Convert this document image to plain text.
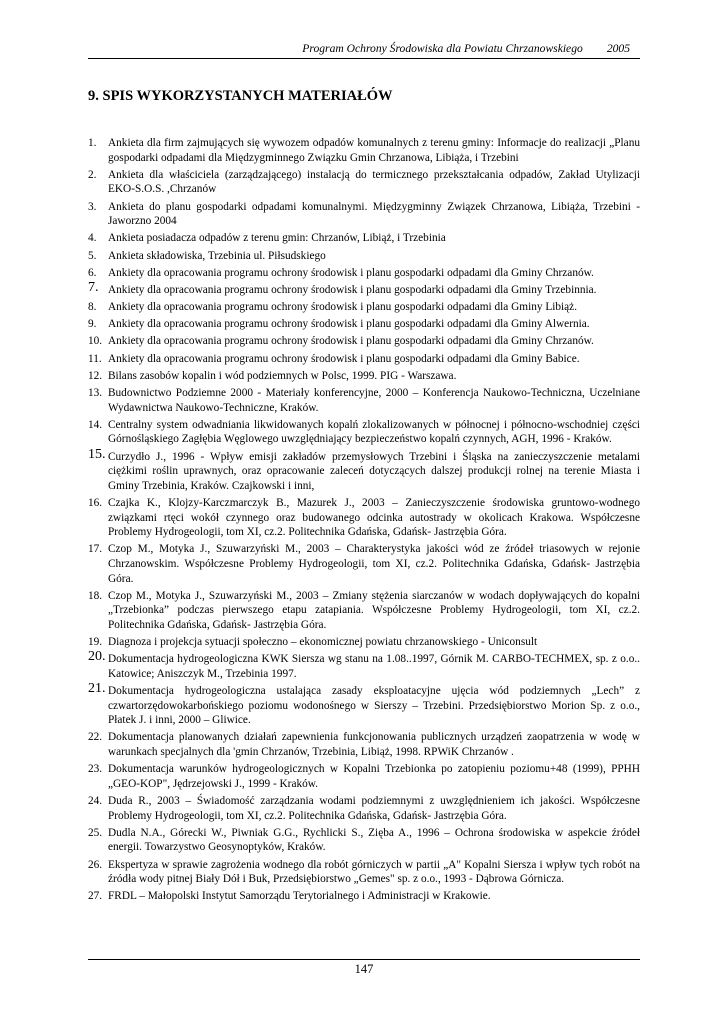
Program Ochrony Środowiska dla Powiatu Chrzanowskiego 2005
9. SPIS WYKORZYSTANYCH MATERIAŁÓW
1. Ankieta dla firm zajmujących się wywozem odpadów komunalnych z terenu gminy: Informacje do realizacji „Planu gospodarki odpadami dla Międzygminnego Związku Gmin Chrzanowa, Libiąża, i Trzebini
2. Ankieta dla właściciela (zarządzającego) instalacją do termicznego przekształcania odpadów, Zakład Utylizacji EKO-S.O.S. ,Chrzanów
3. Ankieta do planu gospodarki odpadami komunalnymi. Międzygminny Związek Chrzanowa, Libiąża, Trzebini - Jaworzno 2004
4. Ankieta posiadacza odpadów z terenu gmin: Chrzanów, Libiąż, i Trzebinia
5. Ankieta składowiska, Trzebinia ul. Piłsudskiego
6. Ankiety dla opracowania programu ochrony środowisk i planu gospodarki odpadami dla Gminy Chrzanów.
7. Ankiety dla opracowania programu ochrony środowisk i planu gospodarki odpadami dla Gminy Trzebinnia.
8. Ankiety dla opracowania programu ochrony środowisk i planu gospodarki odpadami dla Gminy Libiąż.
9. Ankiety dla opracowania programu ochrony środowisk i planu gospodarki odpadami dla Gminy Alwernia.
10. Ankiety dla opracowania programu ochrony środowisk i planu gospodarki odpadami dla Gminy Chrzanów.
11. Ankiety dla opracowania programu ochrony środowisk i planu gospodarki odpadami dla Gminy Babice.
12. Bilans zasobów kopalin i wód podziemnych w Polsc, 1999. PIG - Warszawa.
13. Budownictwo Podziemne 2000 - Materiały konferencyjne, 2000 – Konferencja Naukowo-Techniczna, Uczelniane Wydawnictwa Naukowo-Techniczne, Kraków.
14. Centralny system odwadniania likwidowanych kopalń zlokalizowanych w północnej i północno-wschodniej części Górnośląskiego Zagłębia Węglowego uwzględniający bezpieczeństwo kopalń czynnych, AGH, 1996 - Kraków.
15. Curzydło J., 1996 - Wpływ emisji zakładów przemysłowych Trzebini i Śląska na zanieczyszczenie metalami ciężkimi roślin uprawnych, oraz opracowanie zaleceń dotyczących dalszej produkcji rolnej na terenie Miasta i Gminy Trzebinia, Kraków. Czajkowski i inni,
16. Czajka K., Klojzy-Karczmarczyk B., Mazurek J., 2003 – Zanieczyszczenie środowiska gruntowo-wodnego związkami rtęci wokół czynnego oraz budowanego odcinka autostrady w okolicach Krakowa. Współczesne Problemy Hydrogeologii, tom XI, cz.2. Politechnika Gdańska, Gdańsk- Jastrzębia Góra.
17. Czop M., Motyka J., Szuwarzyński M., 2003 – Charakterystyka jakości wód ze źródeł triasowych w rejonie Chrzanowskim. Współczesne Problemy Hydrogeologii, tom XI, cz.2. Politechnika Gdańska, Gdańsk- Jastrzębia Góra.
18. Czop M., Motyka J., Szuwarzyński M., 2003 – Zmiany stężenia siarczanów w wodach dopływających do kopalni „Trzebionka” podczas pierwszego etapu zatapiania. Współczesne Problemy Hydrogeologii, tom XI, cz.2. Politechnika Gdańska, Gdańsk- Jastrzębia Góra.
19. Diagnoza i projekcja sytuacji społeczno – ekonomicznej powiatu chrzanowskiego - Uniconsult
20. Dokumentacja hydrogeologiczna KWK Siersza wg stanu na 1.08..1997, Górnik M. CARBO-TECHMEX, sp. z o.o.. Katowice; Aniszczyk M., Trzebinia 1997.
21. Dokumentacja hydrogeologiczna ustalająca zasady eksploatacyjne ujęcia wód podziemnych „Lech” z czwartorzędowokarbońskiego poziomu wodonośnego w Sierszy – Trzebini. Przedsiębiorstwo Morion Sp. z o.o., Płatek J. i inni, 2000 – Gliwice.
22. Dokumentacja planowanych działań zapewnienia funkcjonowania publicznych urządzeń zaopatrzenia w wodę w warunkach specjalnych dla 'gmin Chrzanów, Trzebinia, Libiąż, 1998. RPWiK Chrzanów .
23. Dokumentacja warunków hydrogeologicznych w Kopalni Trzebionka po zatopieniu poziomu+48 (1999), PPHH „GEO-KOP", Jędrzejowski J., 1999 - Kraków.
24. Duda R., 2003 – Świadomość zarządzania wodami podziemnymi z uwzględnieniem ich jakości. Współczesne Problemy Hydrogeologii, tom XI, cz.2. Politechnika Gdańska, Gdańsk- Jastrzębia Góra.
25. Dudla N.A., Górecki W., Piwniak G.G., Rychlicki S., Zięba A., 1996 – Ochrona środowiska w aspekcie źródeł energii. Towarzystwo Geosynoptyków, Kraków.
26. Ekspertyza w sprawie zagrożenia wodnego dla robót górniczych w partii „A" Kopalni Siersza i wpływ tych robót na źródła wody pitnej Biały Dół i Buk, Przedsiębiorstwo „Gemes" sp. z o.o., 1993 - Dąbrowa Górnicza.
27. FRDL – Małopolski Instytut Samorządu Terytorialnego i Administracji w Krakowie.
147
